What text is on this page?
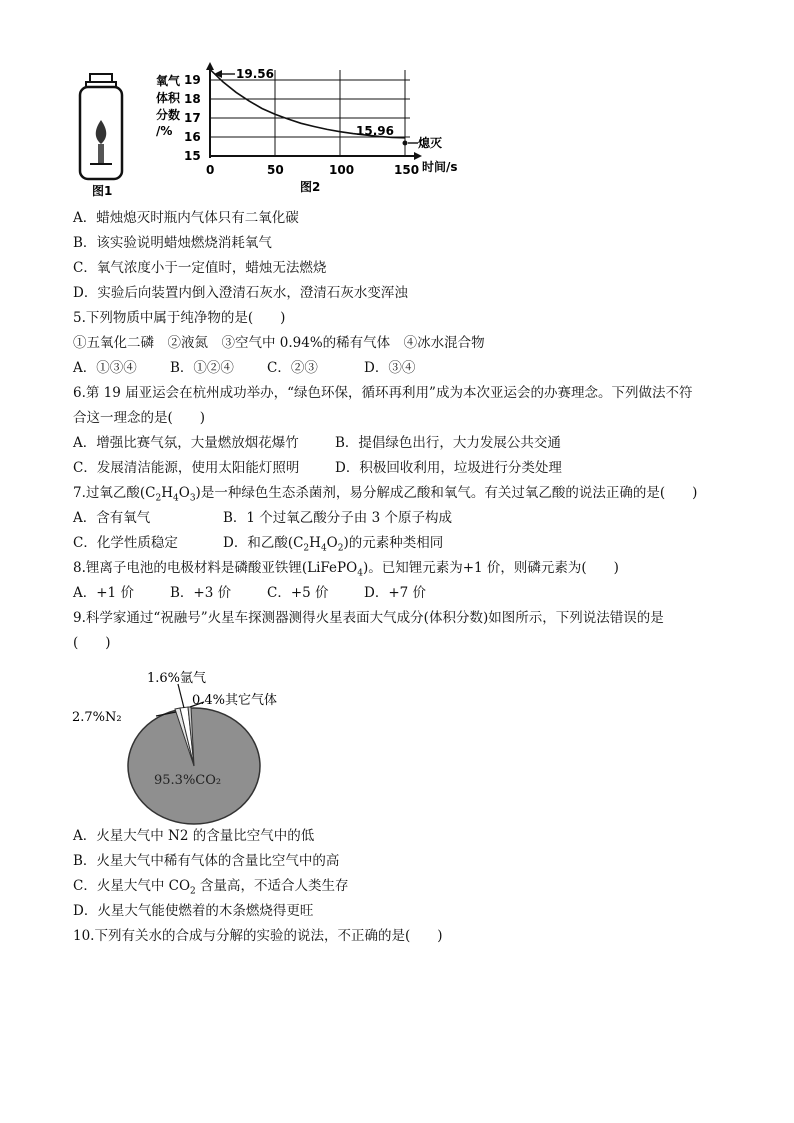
图1
氧气
体积
分数
/%
19
18
17
16
15
0	50	100	150
19.56
15.96
熄灭
时间/s
图2
A．蜡烛熄灭时瓶内气体只有二氧化碳
B．该实验说明蜡烛燃烧消耗氧气
C．氧气浓度小于一定值时，蜡烛无法燃烧
D．实验后向装置内倒入澄清石灰水，澄清石灰水变浑浊
5.下列物质中属于纯净物的是(　　)
①五氧化二磷　②液氮　③空气中 0.94%的稀有气体　④冰水混合物
A．①③④ B．①②④ C．②③	D．③④
6.第 19 届亚运会在杭州成功举办，“绿色环保，循环再利用”成为本次亚运会的办赛理念。下列做法不符
合这一理念的是(　　)
A．增强比赛气氛，大量燃放烟花爆竹	B．提倡绿色出行，大力发展公共交通
C．发展清洁能源，使用太阳能灯照明	D．积极回收利用，垃圾进行分类处理
7.过氧乙酸$(C_2H_4O_3)$是一种绿色生态杀菌剂，易分解成乙酸和氧气。有关过氧乙酸的说法正确的是(　　)
A．含有氧气	B．1 个过氧乙酸分子由 3 个原子构成
C．化学性质稳定	D．和乙酸$(C_2H_4O_2)$的元素种类相同
8.锂离子电池的电极材料是磷酸亚铁锂(LiFePO$_4$)。已知锂元素为+1 价，则磷元素为(　　)
A．+1 价	B．+3 价	C．+5 价	D．+7 价
9.科学家通过“祝融号”火星车探测器测得火星表面大气成分(体积分数)如图所示，下列说法错误的是
(　　)
1.6%氩气
0.4%其它气体
2.7%N₂
95.3%CO₂
A．火星大气中 N2 的含量比空气中的低
B．火星大气中稀有气体的含量比空气中的高
C．火星大气中 $CO_2$ 含量高，不适合人类生存
D．火星大气能使燃着的木条燃烧得更旺
10.下列有关水的合成与分解的实验的说法，不正确的是(　　)
